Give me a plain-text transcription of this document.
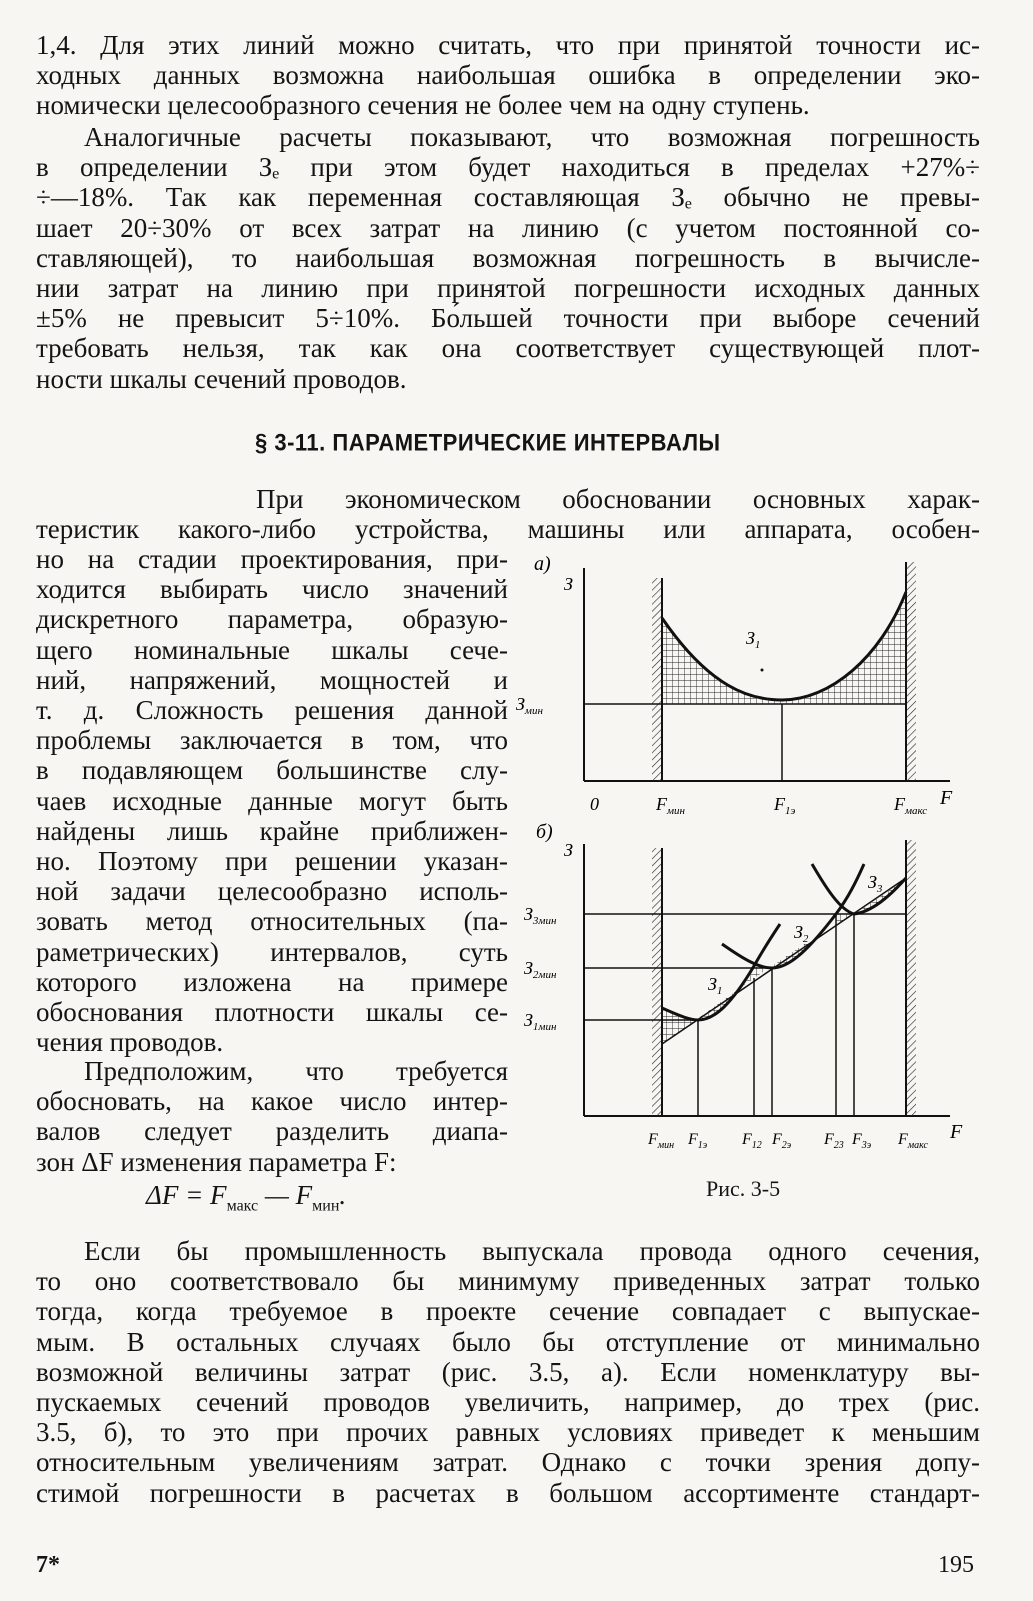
1,4. Для этих линий можно считать, что при принятой точности ис-
ходных данных возможна наибольшая ошибка в определении эко-
номически целесообразного сечения не более чем на одну ступень.
Аналогичные расчеты показывают, что возможная погрешность
в определении Зₑ при этом будет находиться в пределах +27%÷
÷—18%. Так как переменная составляющая Зₑ обычно не превы-
шает 20÷30% от всех затрат на линию (с учетом постоянной со-
ставляющей), то наибольшая возможная погрешность в вычисле-
нии затрат на линию при принятой погрешности исходных данных
±5% не превысит 5÷10%. Бо́льшей точности при выборе сечений
требовать нельзя, так как она соответствует существующей плот-
ности шкалы сечений проводов.
§ 3-11. ПАРАМЕТРИЧЕСКИЕ ИНТЕРВАЛЫ
При экономическом обосновании основных харак-
теристик какого-либо устройства, машины или аппарата, особен-
но на стадии проектирования, при-
ходится выбирать число значений
дискретного параметра, образую-
щего номинальные шкалы сече-
ний, напряжений, мощностей и
т. д. Сложность решения данной
проблемы заключается в том, что
в подавляющем большинстве слу-
чаев исходные данные могут быть
найдены лишь крайне приближен-
но. Поэтому при решении указан-
ной задачи целесообразно исполь-
зовать метод относительных (па-
раметрических) интервалов, суть
которого изложена на примере
обоснования плотности шкалы се-
чения проводов.
Предположим, что требуется
обосновать, на какое число интер-
валов следует разделить диапа-
зон ΔF изменения параметра F:
$\Delta F = F_{макс}$ — $F_{мин}$.
а)
З
$З_1$
$З_{мин}$
0	$F_{мин}$	$F_{1э}$	$F_{макс}$
F
б)
З
$З_1$
$З_2$
$З_3$
$З_{3мин}$
$З_{2мин}$
$З_{1мин}$
$F_{мин}$ $F_{1э}$ $F_{12}$ $F_{2э}$ $F_{23}$ $F_{3э}$ $F_{макс}$
F
Рис. 3-5
Если бы промышленность выпускала провода одного сечения,
то оно соответствовало бы минимуму приведенных затрат только
тогда, когда требуемое в проекте сечение совпадает с выпускае-
мым. В остальных случаях было бы отступление от минимально
возможной величины затрат (рис. 3.5, а). Если номенклатуру вы-
пускаемых сечений проводов увеличить, например, до трех (рис.
3.5, б), то это при прочих равных условиях приведет к меньшим
относительным увеличениям затрат. Однако с точки зрения допу-
стимой погрешности в расчетах в большом ассортименте стандарт-
7*	195
